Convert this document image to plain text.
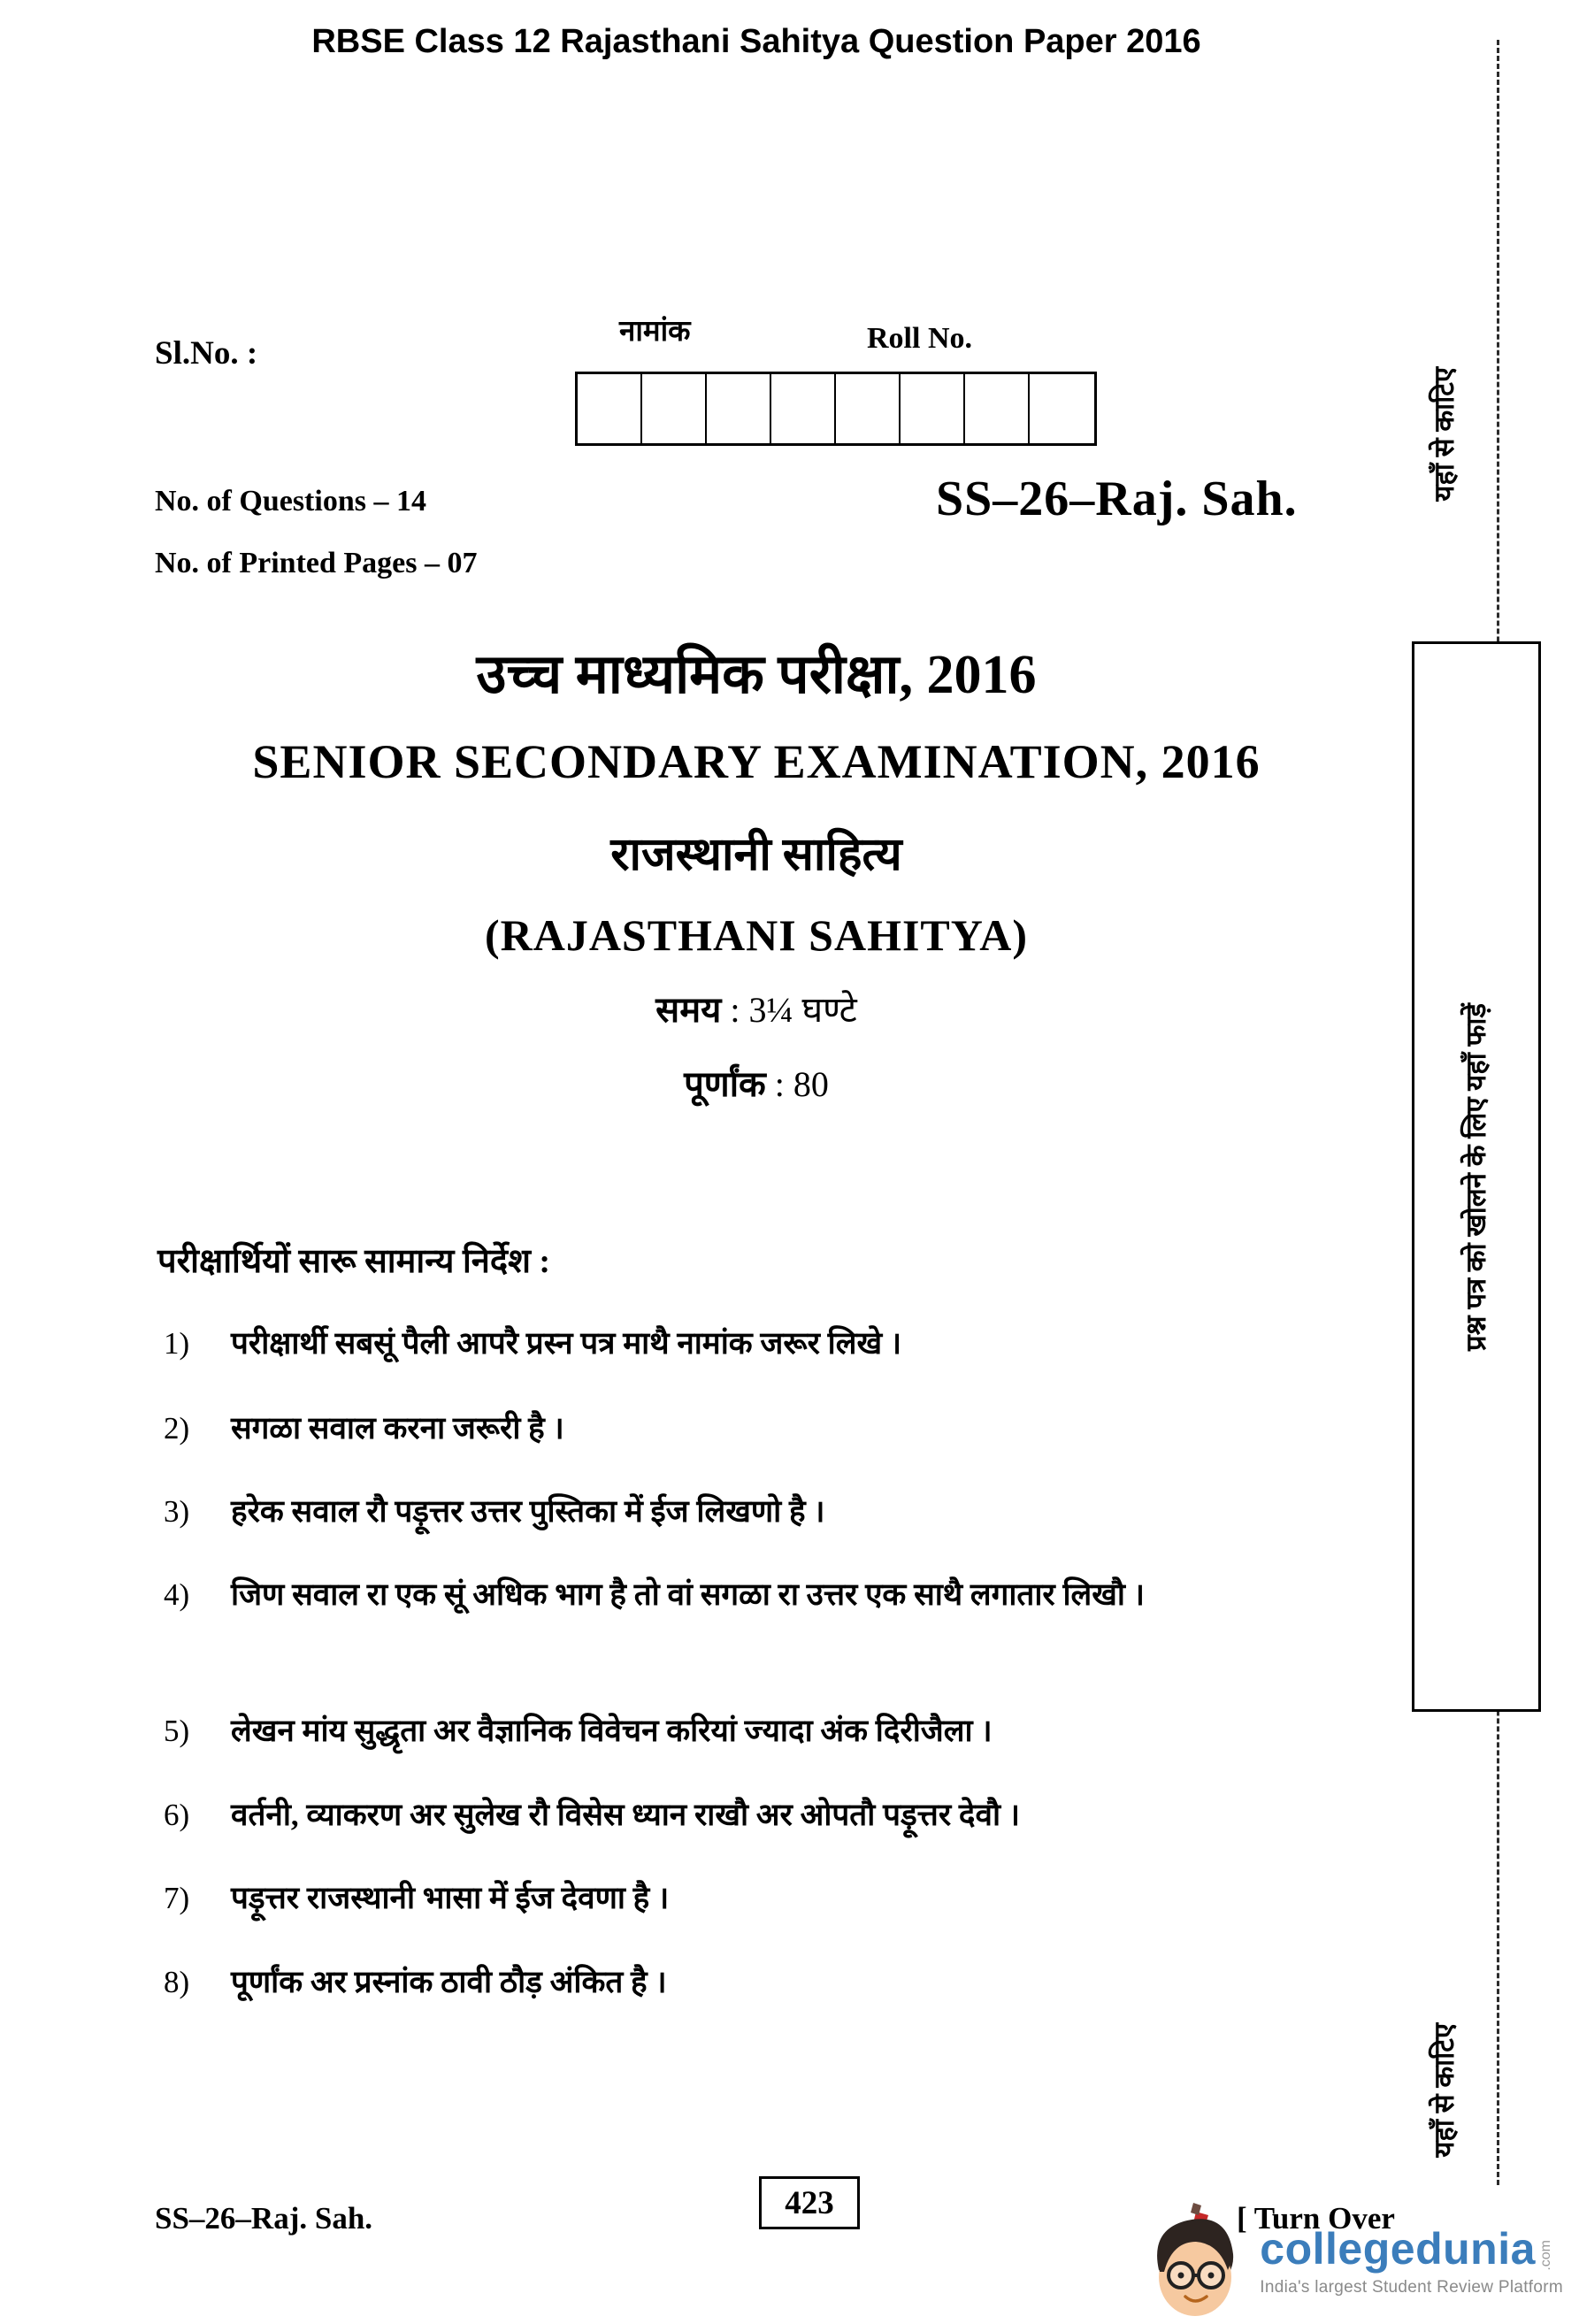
RBSE Class 12 Rajasthani Sahitya Question Paper 2016
Sl.No. :
नामांक	Roll No.
No. of Questions – 14
No. of Printed Pages – 07
SS–26–Raj. Sah.
उच्च माध्यमिक परीक्षा, 2016
SENIOR SECONDARY EXAMINATION, 2016
राजस्थानी साहित्य
(RAJASTHANI SAHITYA)
समय : 3¼ घण्टे
पूर्णांक : 80
परीक्षार्थियों सारू सामान्य निर्देश :
1)	परीक्षार्थी सबसूं पैली आपरै प्रस्न पत्र माथै नामांक जरूर लिखे ।
2)	सगळा सवाल करना जरूरी है ।
3)	हरेक सवाल रौ पड़ूत्तर उत्तर पुस्तिका में ईज लिखणो है ।
4)	जिण सवाल रा एक सूं अधिक भाग है तो वां सगळा रा उत्तर एक साथै लगातार लिखौ ।
5)	लेखन मांय सुद्धृता अर वैज्ञानिक विवेचन करियां ज्यादा अंक दिरीजैला ।
6)	वर्तनी, व्याकरण अर सुलेख रौ विसेस ध्यान राखौ अर ओपतौ पड़ूत्तर देवौ ।
7)	पड़ूत्तर राजस्थानी भासा में ईज देवणा है ।
8)	पूर्णांक अर प्रस्नांक ठावी ठौड़ अंकित है ।
SS–26–Raj. Sah.	423	[ Turn Over
यहाँ से काटिए
प्रश्न पत्र को खोलने के लिए यहाँ फाड़ें
यहाँ से काटिए
collegedunia .com
India's largest Student Review Platform
